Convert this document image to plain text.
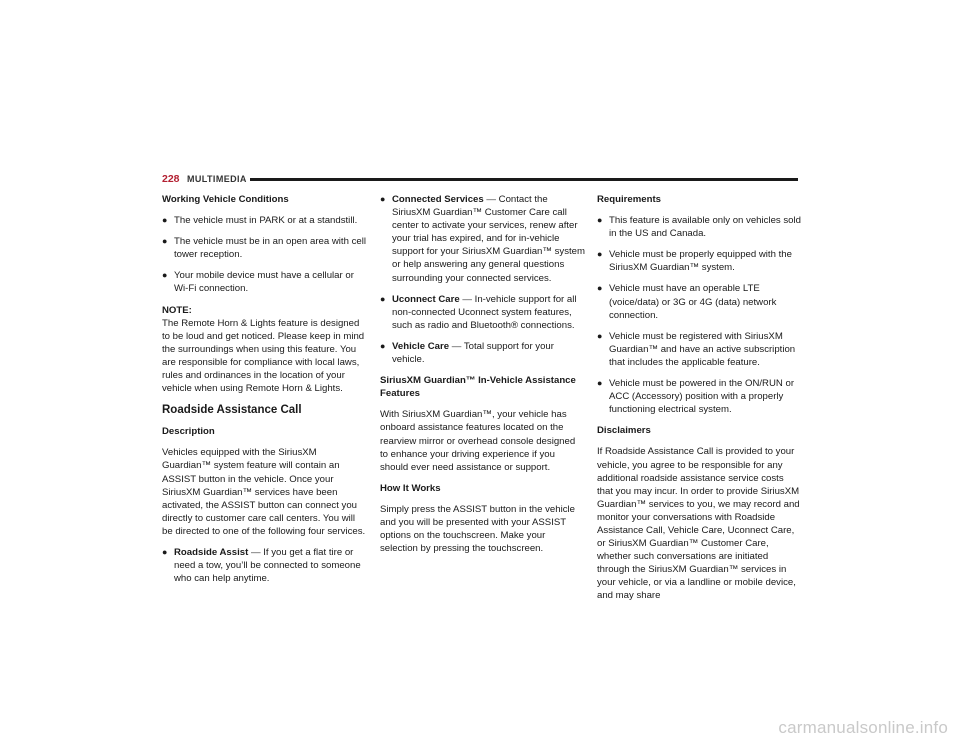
228 MULTIMEDIA

Working Vehicle Conditions

● The vehicle must in PARK or at a standstill.
● The vehicle must be in an open area with cell tower reception.
● Your mobile device must have a cellular or Wi-Fi connection.

NOTE:

The Remote Horn & Lights feature is designed to be loud and get noticed. Please keep in mind the surroundings when using this feature. You are responsible for compliance with local laws, rules and ordinances in the location of your vehicle when using Remote Horn & Lights.

Roadside Assistance Call

Description

Vehicles equipped with the SiriusXM Guardian™ system feature will contain an ASSIST button in the vehicle. Once your SiriusXM Guardian™ services have been activated, the ASSIST button can connect you directly to customer care call centers. You will be directed to one of the following four services.

● Roadside Assist — If you get a flat tire or need a tow, you’ll be connected to someone who can help anytime.
● Connected Services — Contact the SiriusXM Guardian™ Customer Care call center to activate your services, renew after your trial has expired, and for in-vehicle support for your SiriusXM Guardian™ system or help answering any general questions surrounding your connected services.
● Uconnect Care — In-vehicle support for all non-connected Uconnect system features, such as radio and Bluetooth® connections.
● Vehicle Care — Total support for your vehicle.

SiriusXM Guardian™ In-Vehicle Assistance Features

With SiriusXM Guardian™, your vehicle has onboard assistance features located on the rearview mirror or overhead console designed to enhance your driving experience if you should ever need assistance or support.

How It Works

Simply press the ASSIST button in the vehicle and you will be presented with your ASSIST options on the touchscreen. Make your selection by pressing the touchscreen.

Requirements

● This feature is available only on vehicles sold in the US and Canada.
● Vehicle must be properly equipped with the SiriusXM Guardian™ system.
● Vehicle must have an operable LTE (voice/data) or 3G or 4G (data) network connection.
● Vehicle must be registered with SiriusXM Guardian™ and have an active subscription that includes the applicable feature.
● Vehicle must be powered in the ON/RUN or ACC (Accessory) position with a properly functioning electrical system.

Disclaimers

If Roadside Assistance Call is provided to your vehicle, you agree to be responsible for any additional roadside assistance service costs that you may incur. In order to provide SiriusXM Guardian™ services to you, we may record and monitor your conversations with Roadside Assistance Call, Vehicle Care, Uconnect Care, or SiriusXM Guardian™ Customer Care, whether such conversations are initiated through the SiriusXM Guardian™ services in your vehicle, or via a landline or mobile device, and may share

carmanualsonline.info
